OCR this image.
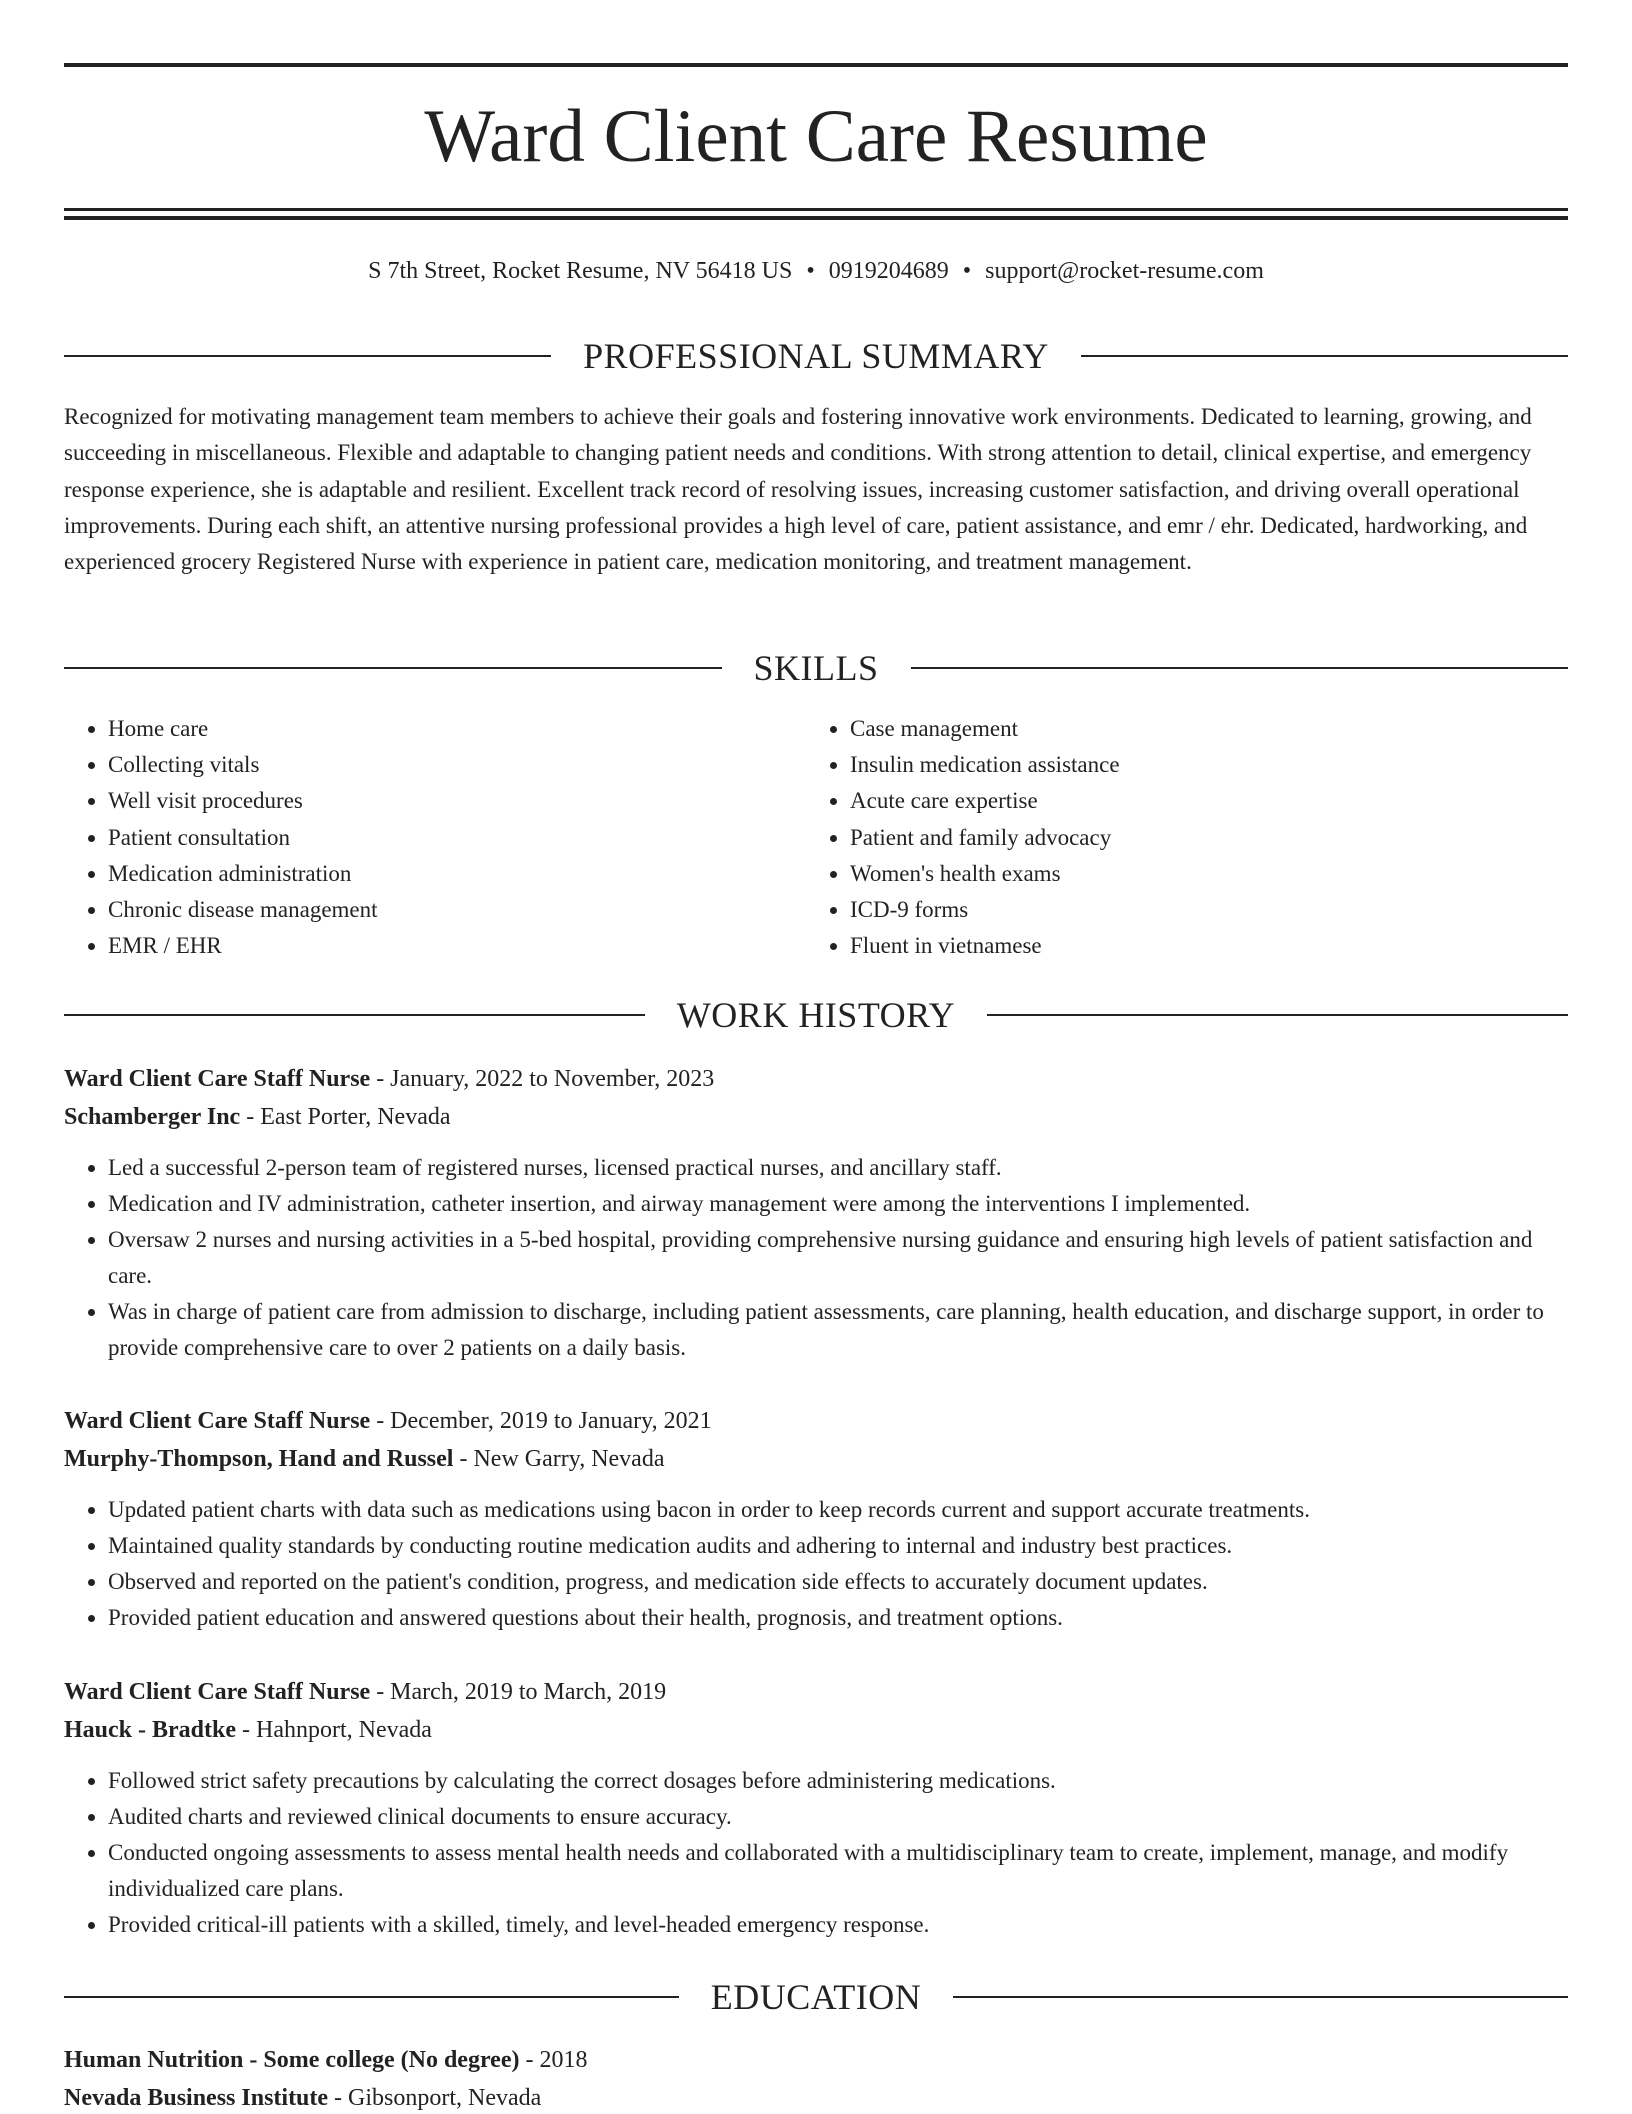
Ward Client Care Resume
S 7th Street, Rocket Resume, NV 56418 US • 0919204689 • support@rocket-resume.com
PROFESSIONAL SUMMARY

Recognized for motivating management team members to achieve their goals and fostering innovative work environments. Dedicated to learning, growing, and succeeding in miscellaneous. Flexible and adaptable to changing patient needs and conditions. With strong attention to detail, clinical expertise, and emergency response experience, she is adaptable and resilient. Excellent track record of resolving issues, increasing customer satisfaction, and driving overall operational improvements. During each shift, an attentive nursing professional provides a high level of care, patient assistance, and emr / ehr. Dedicated, hardworking, and experienced grocery Registered Nurse with experience in patient care, medication monitoring, and treatment management.

SKILLS
• Home care
• Collecting vitals
• Well visit procedures
• Patient consultation
• Medication administration
• Chronic disease management
• EMR / EHR
• Case management
• Insulin medication assistance
• Acute care expertise
• Patient and family advocacy
• Women's health exams
• ICD-9 forms
• Fluent in vietnamese
WORK HISTORY
Ward Client Care Staff Nurse - January, 2022 to November, 2023
Schamberger Inc - East Porter, Nevada
• Led a successful 2-person team of registered nurses, licensed practical nurses, and ancillary staff.
• Medication and IV administration, catheter insertion, and airway management were among the interventions I implemented.
• Oversaw 2 nurses and nursing activities in a 5-bed hospital, providing comprehensive nursing guidance and ensuring high levels of patient satisfaction and care.
• Was in charge of patient care from admission to discharge, including patient assessments, care planning, health education, and discharge support, in order to provide comprehensive care to over 2 patients on a daily basis.
Ward Client Care Staff Nurse - December, 2019 to January, 2021
Murphy-Thompson, Hand and Russel - New Garry, Nevada
• Updated patient charts with data such as medications using bacon in order to keep records current and support accurate treatments.
• Maintained quality standards by conducting routine medication audits and adhering to internal and industry best practices.
• Observed and reported on the patient's condition, progress, and medication side effects to accurately document updates.
• Provided patient education and answered questions about their health, prognosis, and treatment options.
Ward Client Care Staff Nurse - March, 2019 to March, 2019
Hauck - Bradtke - Hahnport, Nevada
• Followed strict safety precautions by calculating the correct dosages before administering medications.
• Audited charts and reviewed clinical documents to ensure accuracy.
• Conducted ongoing assessments to assess mental health needs and collaborated with a multidisciplinary team to create, implement, manage, and modify individualized care plans.
• Provided critical-ill patients with a skilled, timely, and level-headed emergency response.
EDUCATION
Human Nutrition - Some college (No degree) - 2018
Nevada Business Institute - Gibsonport, Nevada
